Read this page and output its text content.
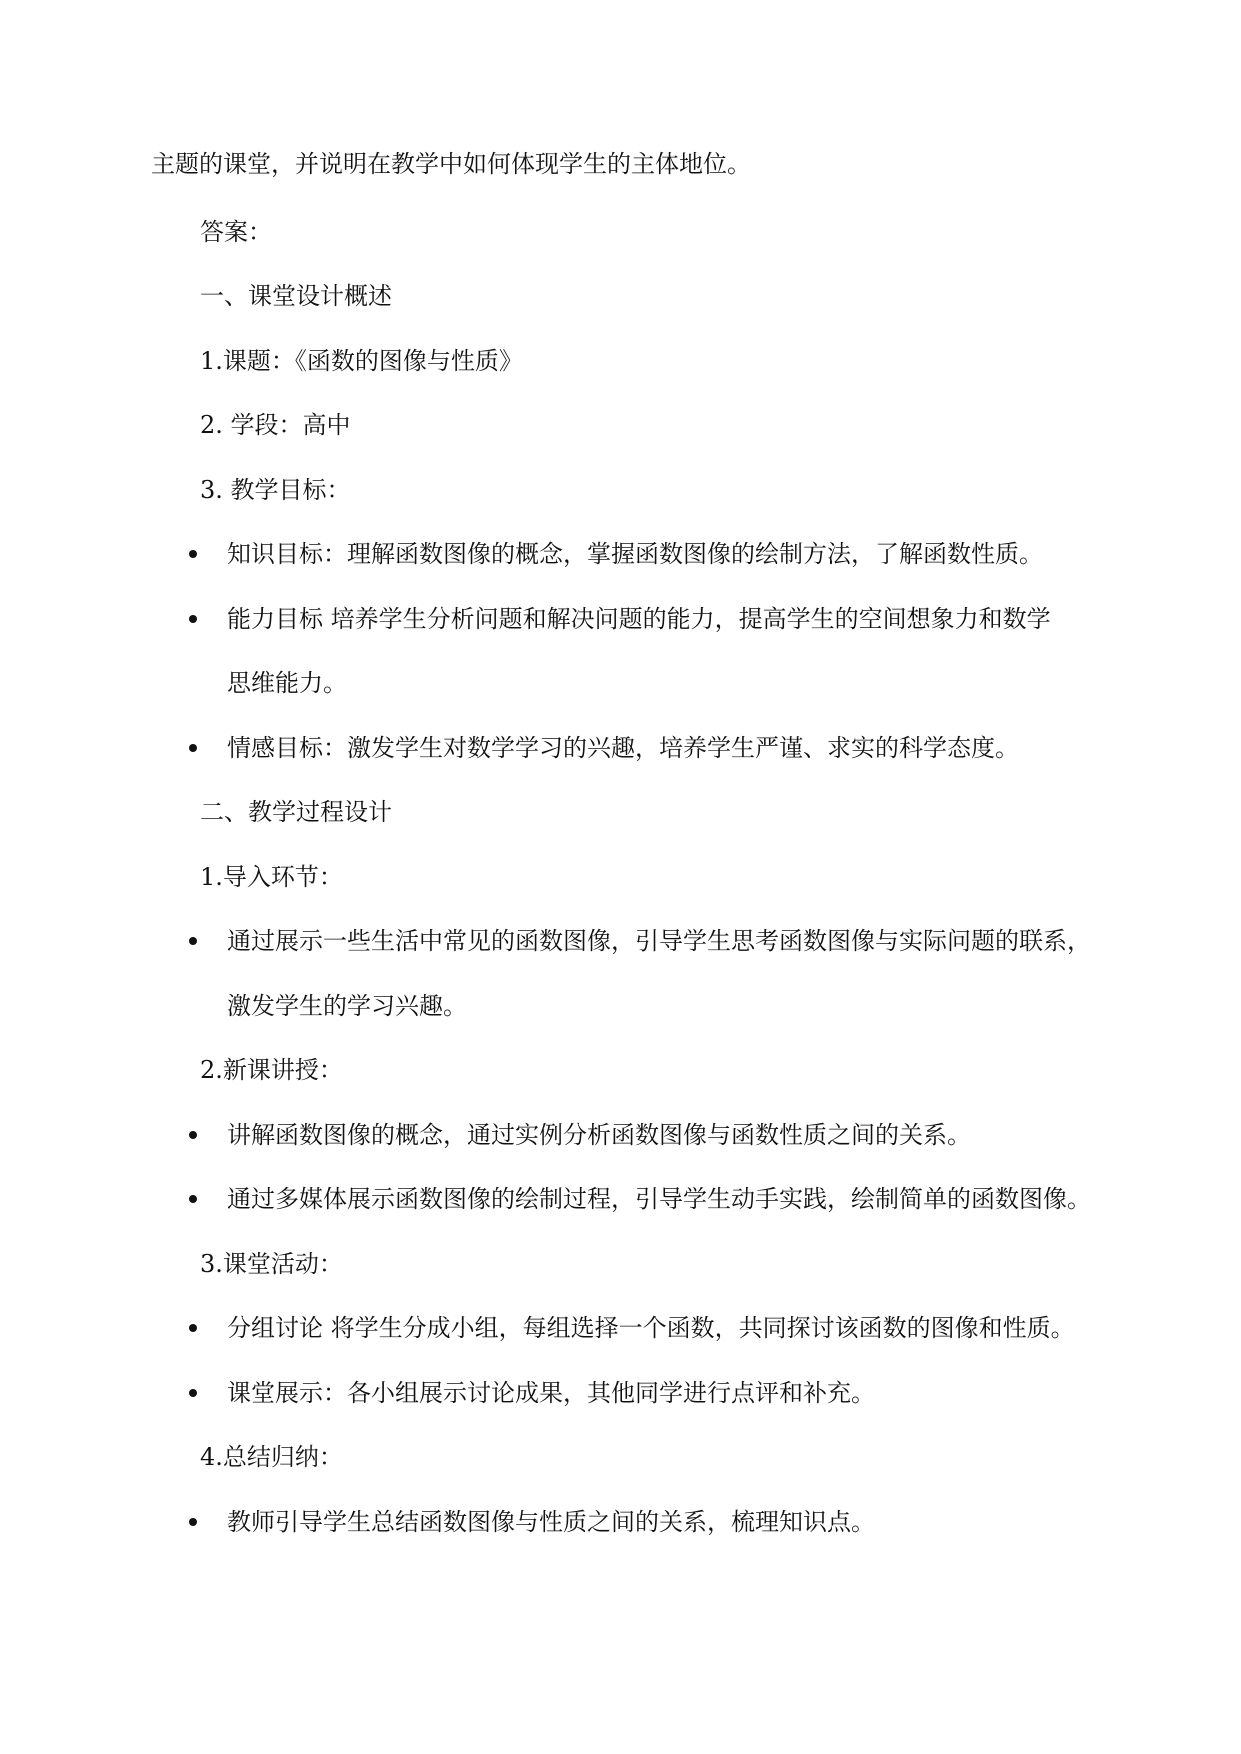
主题的课堂，并说明在教学中如何体现学生的主体地位。
答案：
一、课堂设计概述
1.课题：《函数的图像与性质》
2. 学段：高中
3. 教学目标：
知识目标：理解函数图像的概念，掌握函数图像的绘制方法，了解函数性质。
能力目标 培养学生分析问题和解决问题的能力，提高学生的空间想象力和数学
思维能力。
情感目标：激发学生对数学学习的兴趣，培养学生严谨、求实的科学态度。
二、教学过程设计
1.导入环节：
通过展示一些生活中常见的函数图像，引导学生思考函数图像与实际问题的联系，
激发学生的学习兴趣。
2.新课讲授：
讲解函数图像的概念，通过实例分析函数图像与函数性质之间的关系。
通过多媒体展示函数图像的绘制过程，引导学生动手实践，绘制简单的函数图像。
3.课堂活动：
分组讨论 将学生分成小组，每组选择一个函数，共同探讨该函数的图像和性质。
课堂展示：各小组展示讨论成果，其他同学进行点评和补充。
4.总结归纳：
教师引导学生总结函数图像与性质之间的关系，梳理知识点。
